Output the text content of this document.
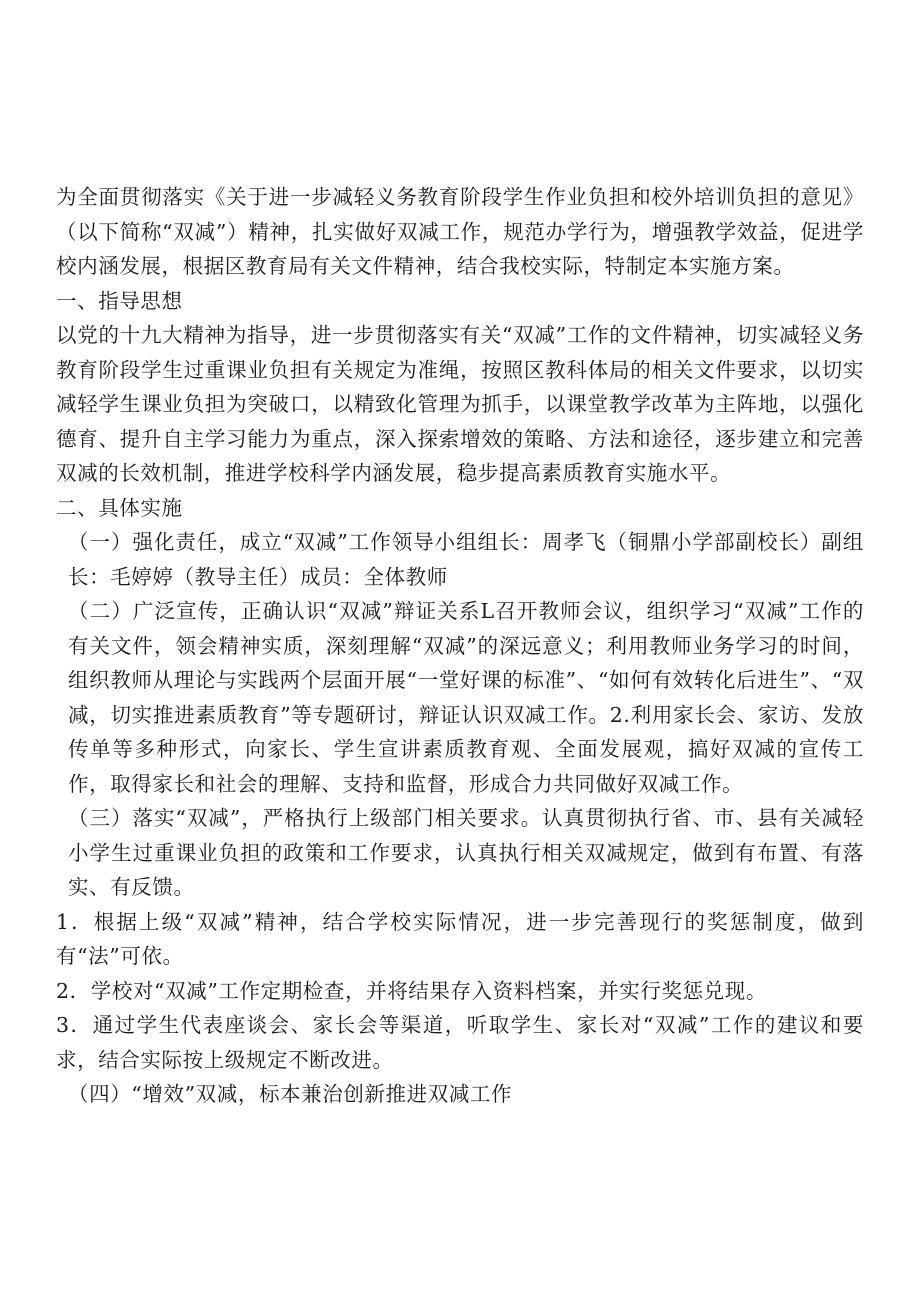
为全面贯彻落实《关于进一步减轻义务教育阶段学生作业负担和校外培训负担的意见》（以下简称“双减”）精神，扎实做好双减工作，规范办学行为，增强教学效益，促进学校内涵发展，根据区教育局有关文件精神，结合我校实际，特制定本实施方案。

一、指导思想

以党的十九大精神为指导，进一步贯彻落实有关“双减”工作的文件精神，切实减轻义务教育阶段学生过重课业负担有关规定为准绳，按照区教科体局的相关文件要求，以切实减轻学生课业负担为突破口，以精致化管理为抓手，以课堂教学改革为主阵地，以强化德育、提升自主学习能力为重点，深入探索增效的策略、方法和途径，逐步建立和完善双减的长效机制，推进学校科学内涵发展，稳步提高素质教育实施水平。

二、具体实施

（一）强化责任，成立“双减”工作领导小组组长：周孝飞（铜鼎小学部副校长）副组长：毛婷婷（教导主任）成员：全体教师

（二）广泛宣传，正确认识“双减”辩证关系L召开教师会议，组织学习“双减”工作的有关文件，领会精神实质，深刻理解“双减”的深远意义；利用教师业务学习的时间，组织教师从理论与实践两个层面开展“一堂好课的标准”、“如何有效转化后进生”、“双减，切实推进素质教育”等专题研讨，辩证认识双减工作。2.利用家长会、家访、发放传单等多种形式，向家长、学生宣讲素质教育观、全面发展观，搞好双减的宣传工作，取得家长和社会的理解、支持和监督，形成合力共同做好双减工作。

（三）落实“双减”，严格执行上级部门相关要求。认真贯彻执行省、市、县有关减轻小学生过重课业负担的政策和工作要求，认真执行相关双减规定，做到有布置、有落实、有反馈。

1．根据上级“双减”精神，结合学校实际情况，进一步完善现行的奖惩制度，做到有“法”可依。

2．学校对“双减”工作定期检查，并将结果存入资料档案，并实行奖惩兑现。

3．通过学生代表座谈会、家长会等渠道，听取学生、家长对“双减”工作的建议和要求，结合实际按上级规定不断改进。

（四）“增效”双减，标本兼治创新推进双减工作
